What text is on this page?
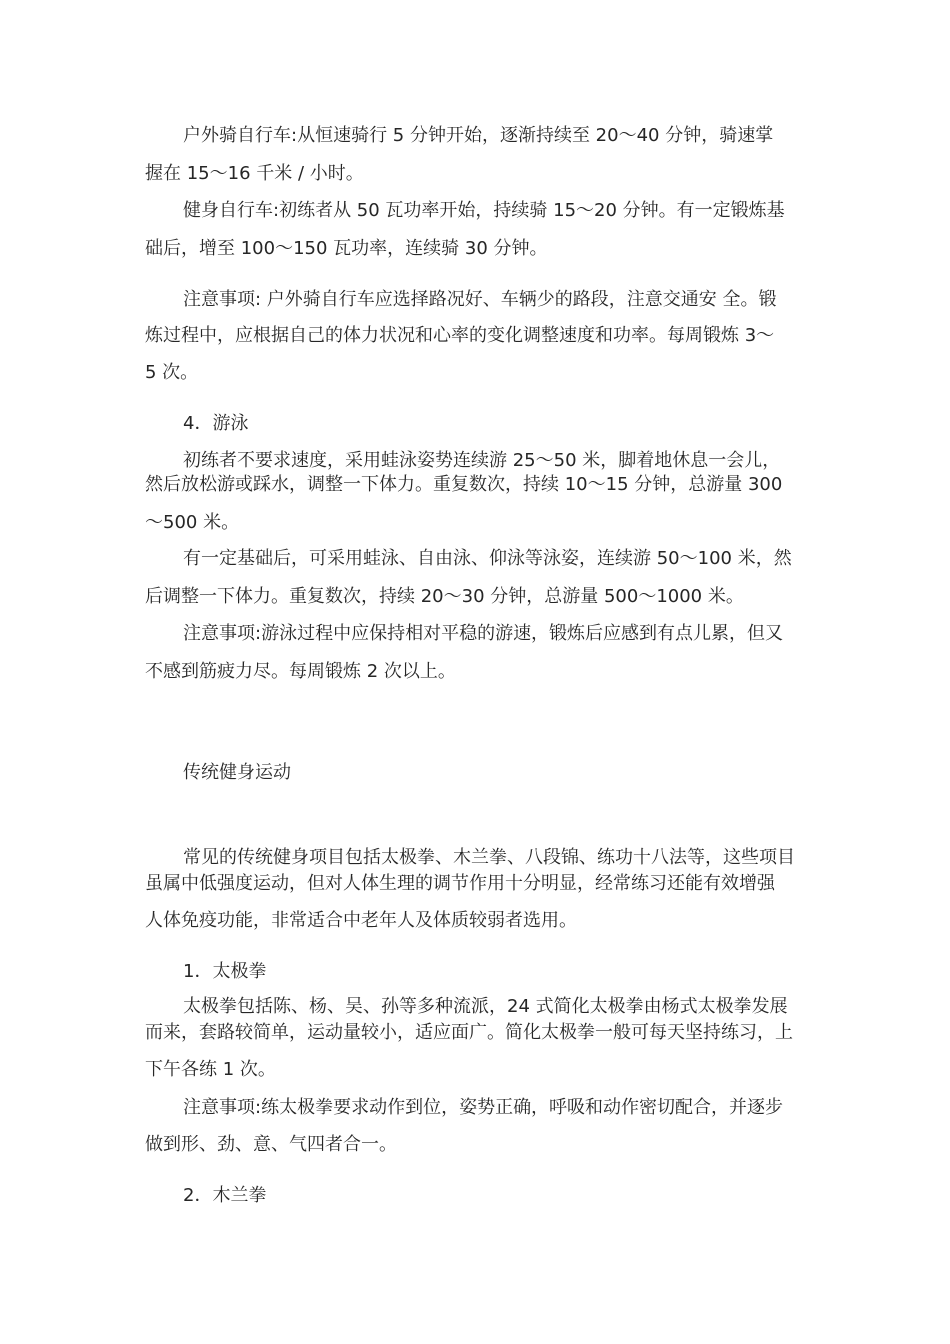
户外骑自行车:从恒速骑行 5 分钟开始，逐渐持续至 20～40 分钟，骑速掌
握在 15～16 千米 / 小时。
健身自行车:初练者从 50 瓦功率开始，持续骑 15～20 分钟。有一定锻炼基
础后，增至 100～150 瓦功率，连续骑 30 分钟。
注意事项: 户外骑自行车应选择路况好、车辆少的路段，注意交通安 全。锻
炼过程中，应根据自己的体力状况和心率的变化调整速度和功率。每周锻炼 3～
5 次。
4．游泳
初练者不要求速度，采用蛙泳姿势连续游 25～50 米，脚着地休息一会儿，
然后放松游或踩水，调整一下体力。重复数次，持续 10～15 分钟，总游量 300
～500 米。
有一定基础后，可采用蛙泳、自由泳、仰泳等泳姿，连续游 50～100 米，然
后调整一下体力。重复数次，持续 20～30 分钟，总游量 500～1000 米。
注意事项:游泳过程中应保持相对平稳的游速，锻炼后应感到有点儿累，但又
不感到筋疲力尽。每周锻炼 2 次以上。
传统健身运动
常见的传统健身项目包括太极拳、木兰拳、八段锦、练功十八法等，这些项目
虽属中低强度运动，但对人体生理的调节作用十分明显，经常练习还能有效增强
人体免疫功能，非常适合中老年人及体质较弱者选用。
1．太极拳
太极拳包括陈、杨、吴、孙等多种流派，24 式简化太极拳由杨式太极拳发展
而来，套路较简单，运动量较小，适应面广。简化太极拳一般可每天坚持练习，上
下午各练 1 次。
注意事项:练太极拳要求动作到位，姿势正确，呼吸和动作密切配合，并逐步
做到形、劲、意、气四者合一。
2．木兰拳
